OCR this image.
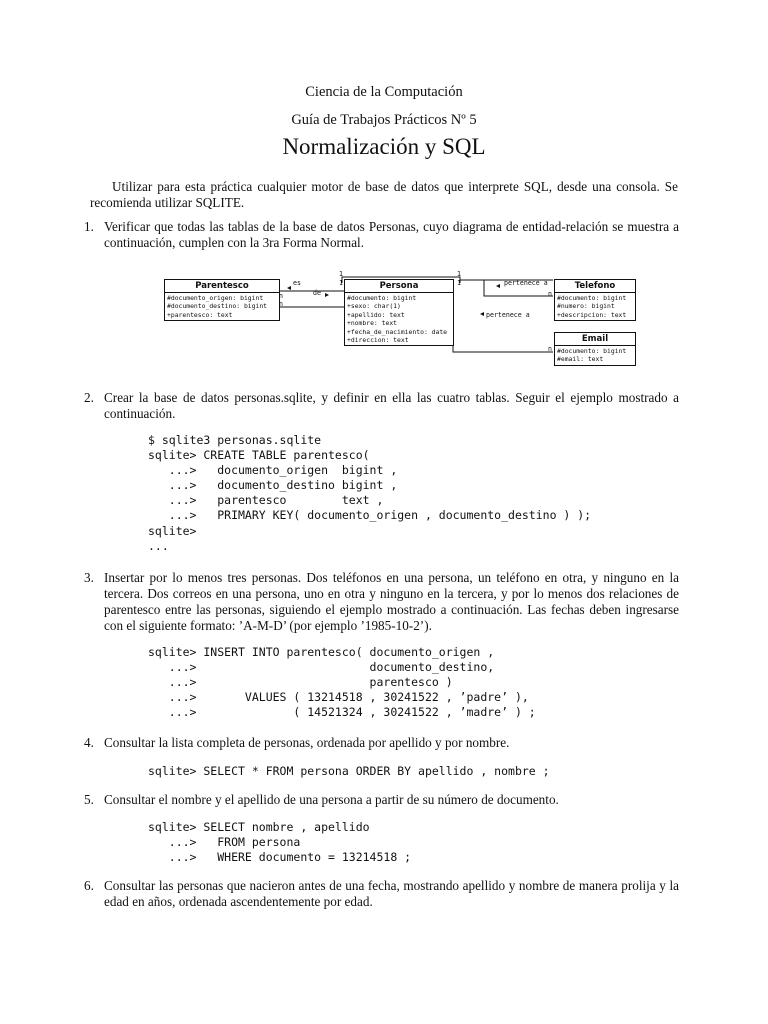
Ciencia de la Computación
Guía de Trabajos Prácticos Nº 5
Normalización y SQL
Utilizar para esta práctica cualquier motor de base de datos que interprete SQL, desde una consola. Se recomienda utilizar SQLITE.
1. Verificar que todas las tablas de la base de datos Personas, cuyo diagrama de entidad-relación se muestra a continuación, cumplen con la 3ra Forma Normal.
Parentesco
#documento_origen: bigint
#documento_destino: bigint
+parentesco: text
Persona
#documento: bigint
+sexo: char(1)
+apellido: text
+nombre: text
+fecha_de_nacimiento: date
+direccion: text
Telefono
#documento: bigint
#numero: bigint
+descripcion: text
Email
#documento: bigint
#email: text
es
de
pertenece a
pertenece a
1
1
1
1
n
n
n
n
2. Crear la base de datos personas.sqlite, y definir en ella las cuatro tablas. Seguir el ejemplo mostrado a continuación.
$ sqlite3 personas.sqlite
sqlite> CREATE TABLE parentesco(
...>   documento_origen  bigint ,
...>   documento_destino bigint ,
...>   parentesco        text ,
...>   PRIMARY KEY( documento_origen , documento_destino ) );
sqlite>
...
3. Insertar por lo menos tres personas. Dos teléfonos en una persona, un teléfono en otra, y ninguno en la tercera. Dos correos en una persona, uno en otra y ninguno en la tercera, y por lo menos dos relaciones de parentesco entre las personas, siguiendo el ejemplo mostrado a continuación. Las fechas deben ingresarse con el siguiente formato: ’A-M-D’ (por ejemplo ’1985-10-2’).
sqlite> INSERT INTO parentesco( documento_origen ,
...>                         documento_destino,
...>                         parentesco )
...>       VALUES ( 13214518 , 30241522 , ’padre’ ),
...>              ( 14521324 , 30241522 , ’madre’ ) ;
4. Consultar la lista completa de personas, ordenada por apellido y por nombre.
sqlite> SELECT * FROM persona ORDER BY apellido , nombre ;
5. Consultar el nombre y el apellido de una persona a partir de su número de documento.
sqlite> SELECT nombre , apellido
...>   FROM persona
...>   WHERE documento = 13214518 ;
6. Consultar las personas que nacieron antes de una fecha, mostrando apellido y nombre de manera prolija y la edad en años, ordenada ascendentemente por edad.
